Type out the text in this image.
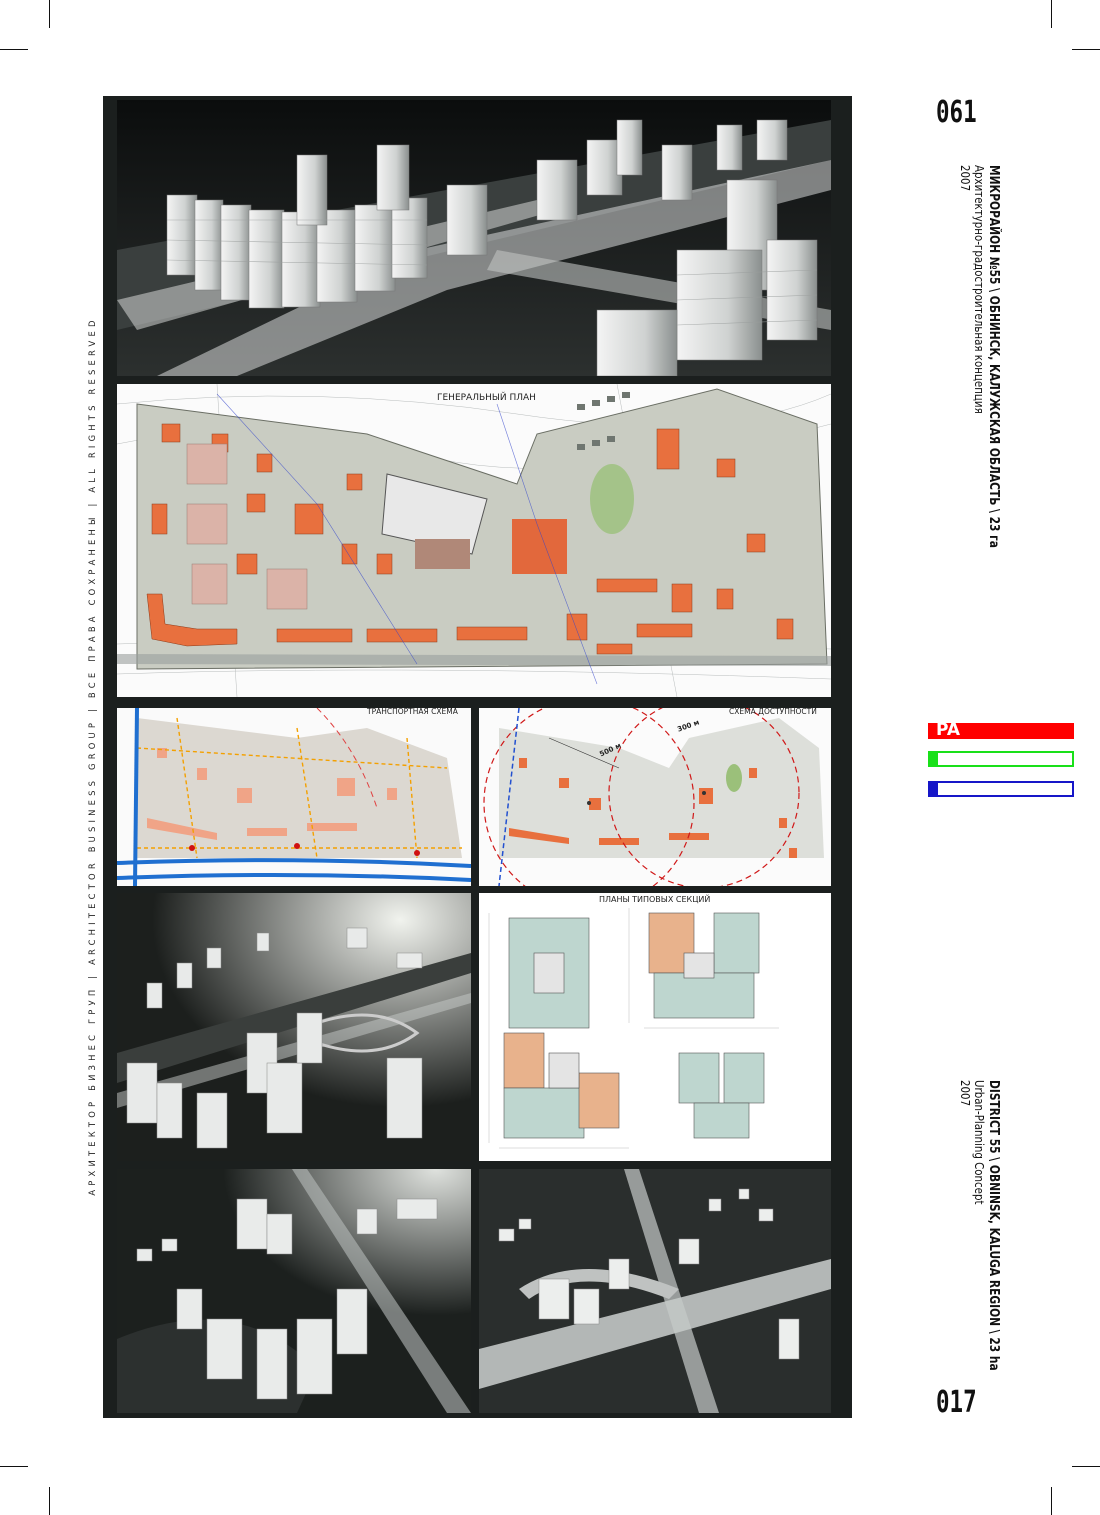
АРХИТЕКТОР БИЗНЕС ГРУП | ARCHITECTOR BUSINESS GROUP | ВСЕ ПРАВА СОХРАНЕНЫ | ALL RIGHTS RESERVED	ГЕНЕРАЛЬНЫЙ ПЛАН
ТРАНСПОРТНАЯ СХЕМА	СХЕМА ДОСТУПНОСТИ
500 м
300 м
ПЛАНЫ ТИПОВЫХ СЕКЦИЙ
061
017
МИКРОРАЙОН №55 \ ОБНИНСК, КАЛУЖСКАЯ ОБЛАСТЬ \ 23 га
Архитектурно-градостроительная концепция
2007
DISTRICT 55 \ OBNINSK, KALUGA REGION \ 23 ha
Urban-Planning Concept
2007
PA
